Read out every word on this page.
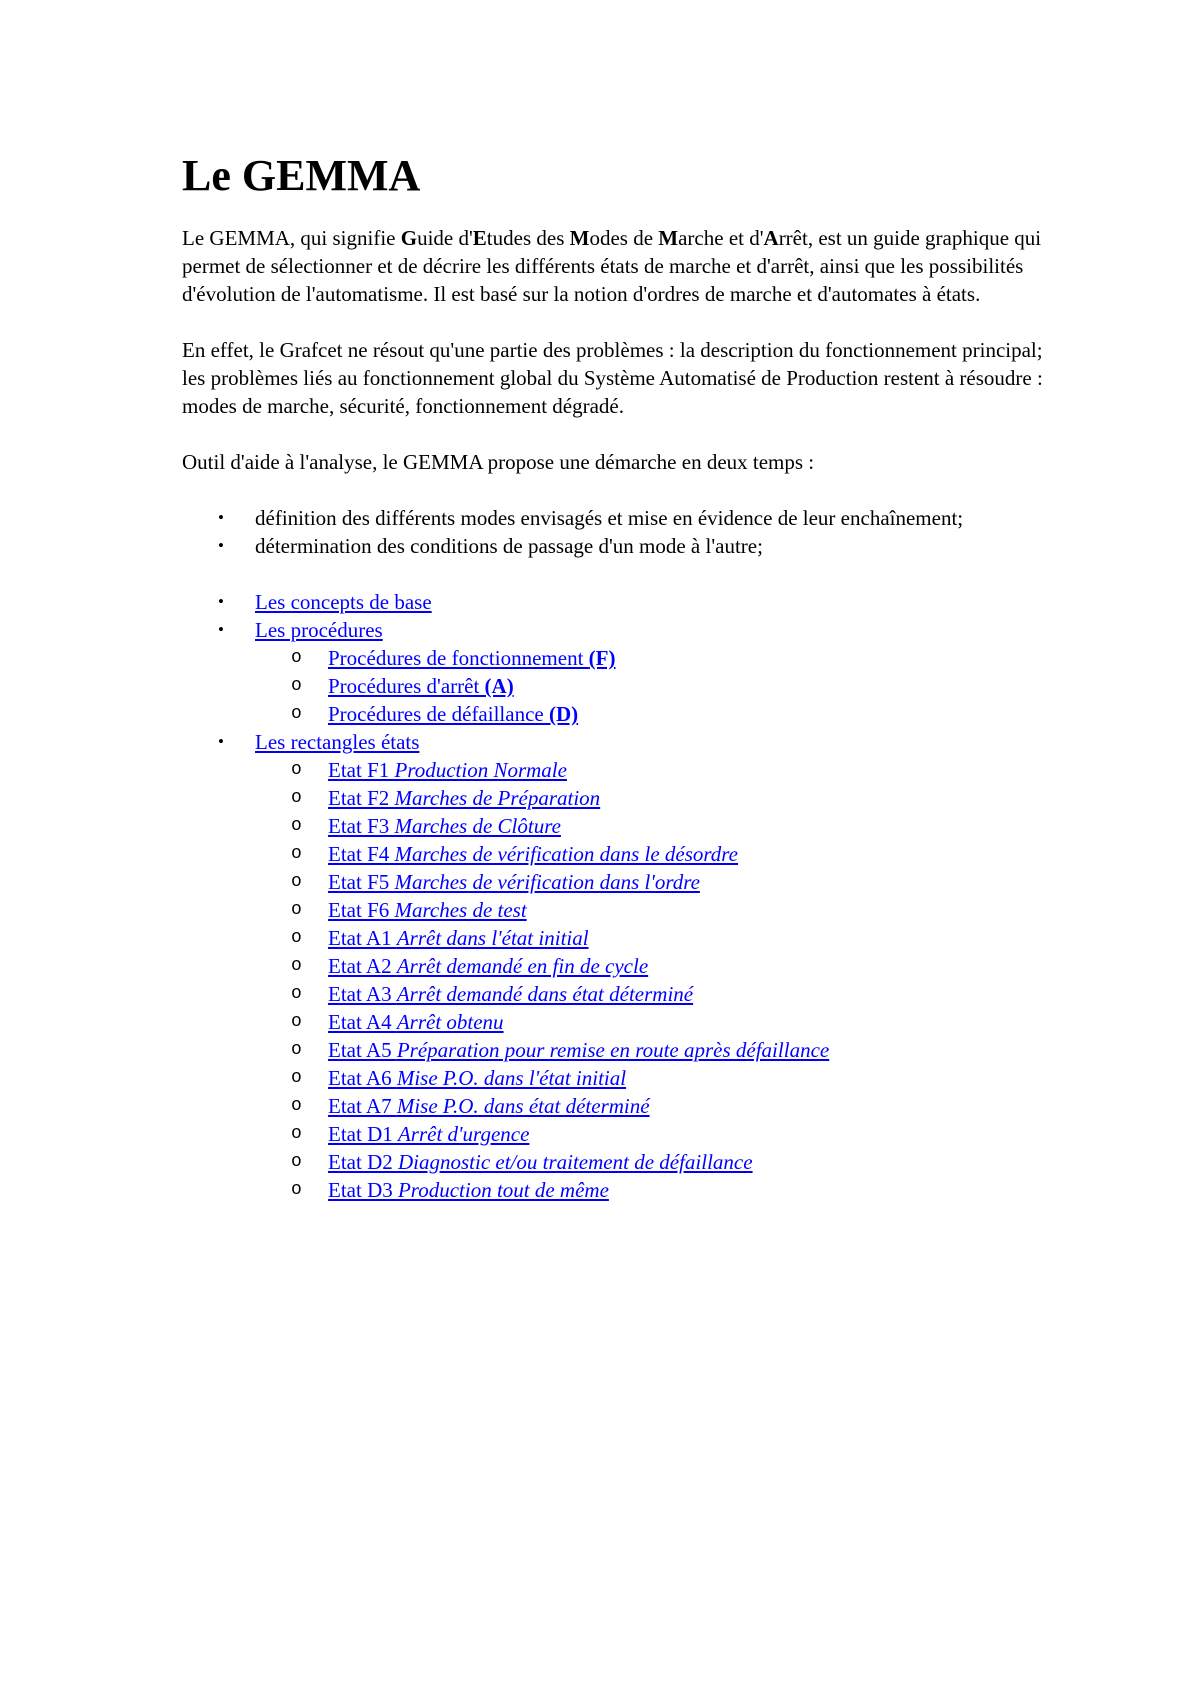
Le GEMMA

Le GEMMA, qui signifie Guide d'Etudes des Modes de Marche et d'Arrêt, est un guide graphique qui permet de sélectionner et de décrire les différents états de marche et d'arrêt, ainsi que les possibilités d'évolution de l'automatisme. Il est basé sur la notion d'ordres de marche et d'automates à états.

En effet, le Grafcet ne résout qu'une partie des problèmes : la description du fonctionnement principal; les problèmes liés au fonctionnement global du Système Automatisé de Production restent à résoudre : modes de marche, sécurité, fonctionnement dégradé.

Outil d'aide à l'analyse, le GEMMA propose une démarche en deux temps :

• définition des différents modes envisagés et mise en évidence de leur enchaînement;
• détermination des conditions de passage d'un mode à l'autre;
• Les concepts de base
• Les procédures
o Procédures de fonctionnement (F)
o Procédures d'arrêt (A)
o Procédures de défaillance (D)
• Les rectangles états
o Etat F1 Production Normale
o Etat F2 Marches de Préparation
o Etat F3 Marches de Clôture
o Etat F4 Marches de vérification dans le désordre
o Etat F5 Marches de vérification dans l'ordre
o Etat F6 Marches de test
o Etat A1 Arrêt dans l'état initial
o Etat A2 Arrêt demandé en fin de cycle
o Etat A3 Arrêt demandé dans état déterminé
o Etat A4 Arrêt obtenu
o Etat A5 Préparation pour remise en route après défaillance
o Etat A6 Mise P.O. dans l'état initial
o Etat A7 Mise P.O. dans état déterminé
o Etat D1 Arrêt d'urgence
o Etat D2 Diagnostic et/ou traitement de défaillance
o Etat D3 Production tout de même
